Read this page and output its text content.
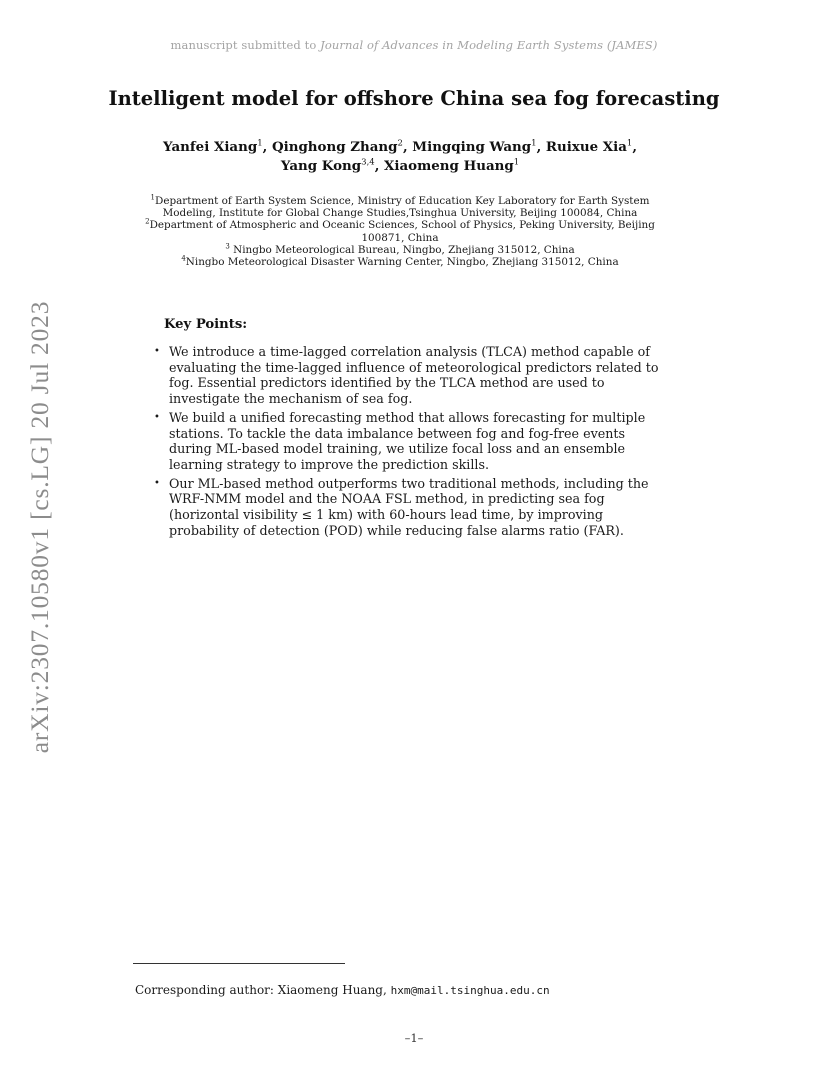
manuscript submitted to Journal of Advances in Modeling Earth Systems (JAMES)
arXiv:2307.10580v1 [cs.LG] 20 Jul 2023
Intelligent model for offshore China sea fog forecasting
Yanfei Xiang$^1$, Qinghong Zhang$^2$, Mingqing Wang$^1$, Ruixue Xia$^1$, Yang Kong$^{3,4}$, Xiaomeng Huang$^1$
$^1$Department of Earth System Science, Ministry of Education Key Laboratory for Earth System Modeling, Institute for Global Change Studies,Tsinghua University, Beijing 100084, China
$^2$Department of Atmospheric and Oceanic Sciences, School of Physics, Peking University, Beijing 100871, China
$^3$ Ningbo Meteorological Bureau, Ningbo, Zhejiang 315012, China
$^4$Ningbo Meteorological Disaster Warning Center, Ningbo, Zhejiang 315012, China
Key Points:
• We introduce a time-lagged correlation analysis (TLCA) method capable of evaluating the time-lagged influence of meteorological predictors related to fog. Essential predictors identified by the TLCA method are used to investigate the mechanism of sea fog.
• We build a unified forecasting method that allows forecasting for multiple stations. To tackle the data imbalance between fog and fog-free events during ML-based model training, we utilize focal loss and an ensemble learning strategy to improve the prediction skills.
• Our ML-based method outperforms two traditional methods, including the WRF-NMM model and the NOAA FSL method, in predicting sea fog (horizontal visibility ≤ 1 km) with 60-hours lead time, by improving probability of detection (POD) while reducing false alarms ratio (FAR).
Corresponding author: Xiaomeng Huang, hxm@mail.tsinghua.edu.cn
–1–
